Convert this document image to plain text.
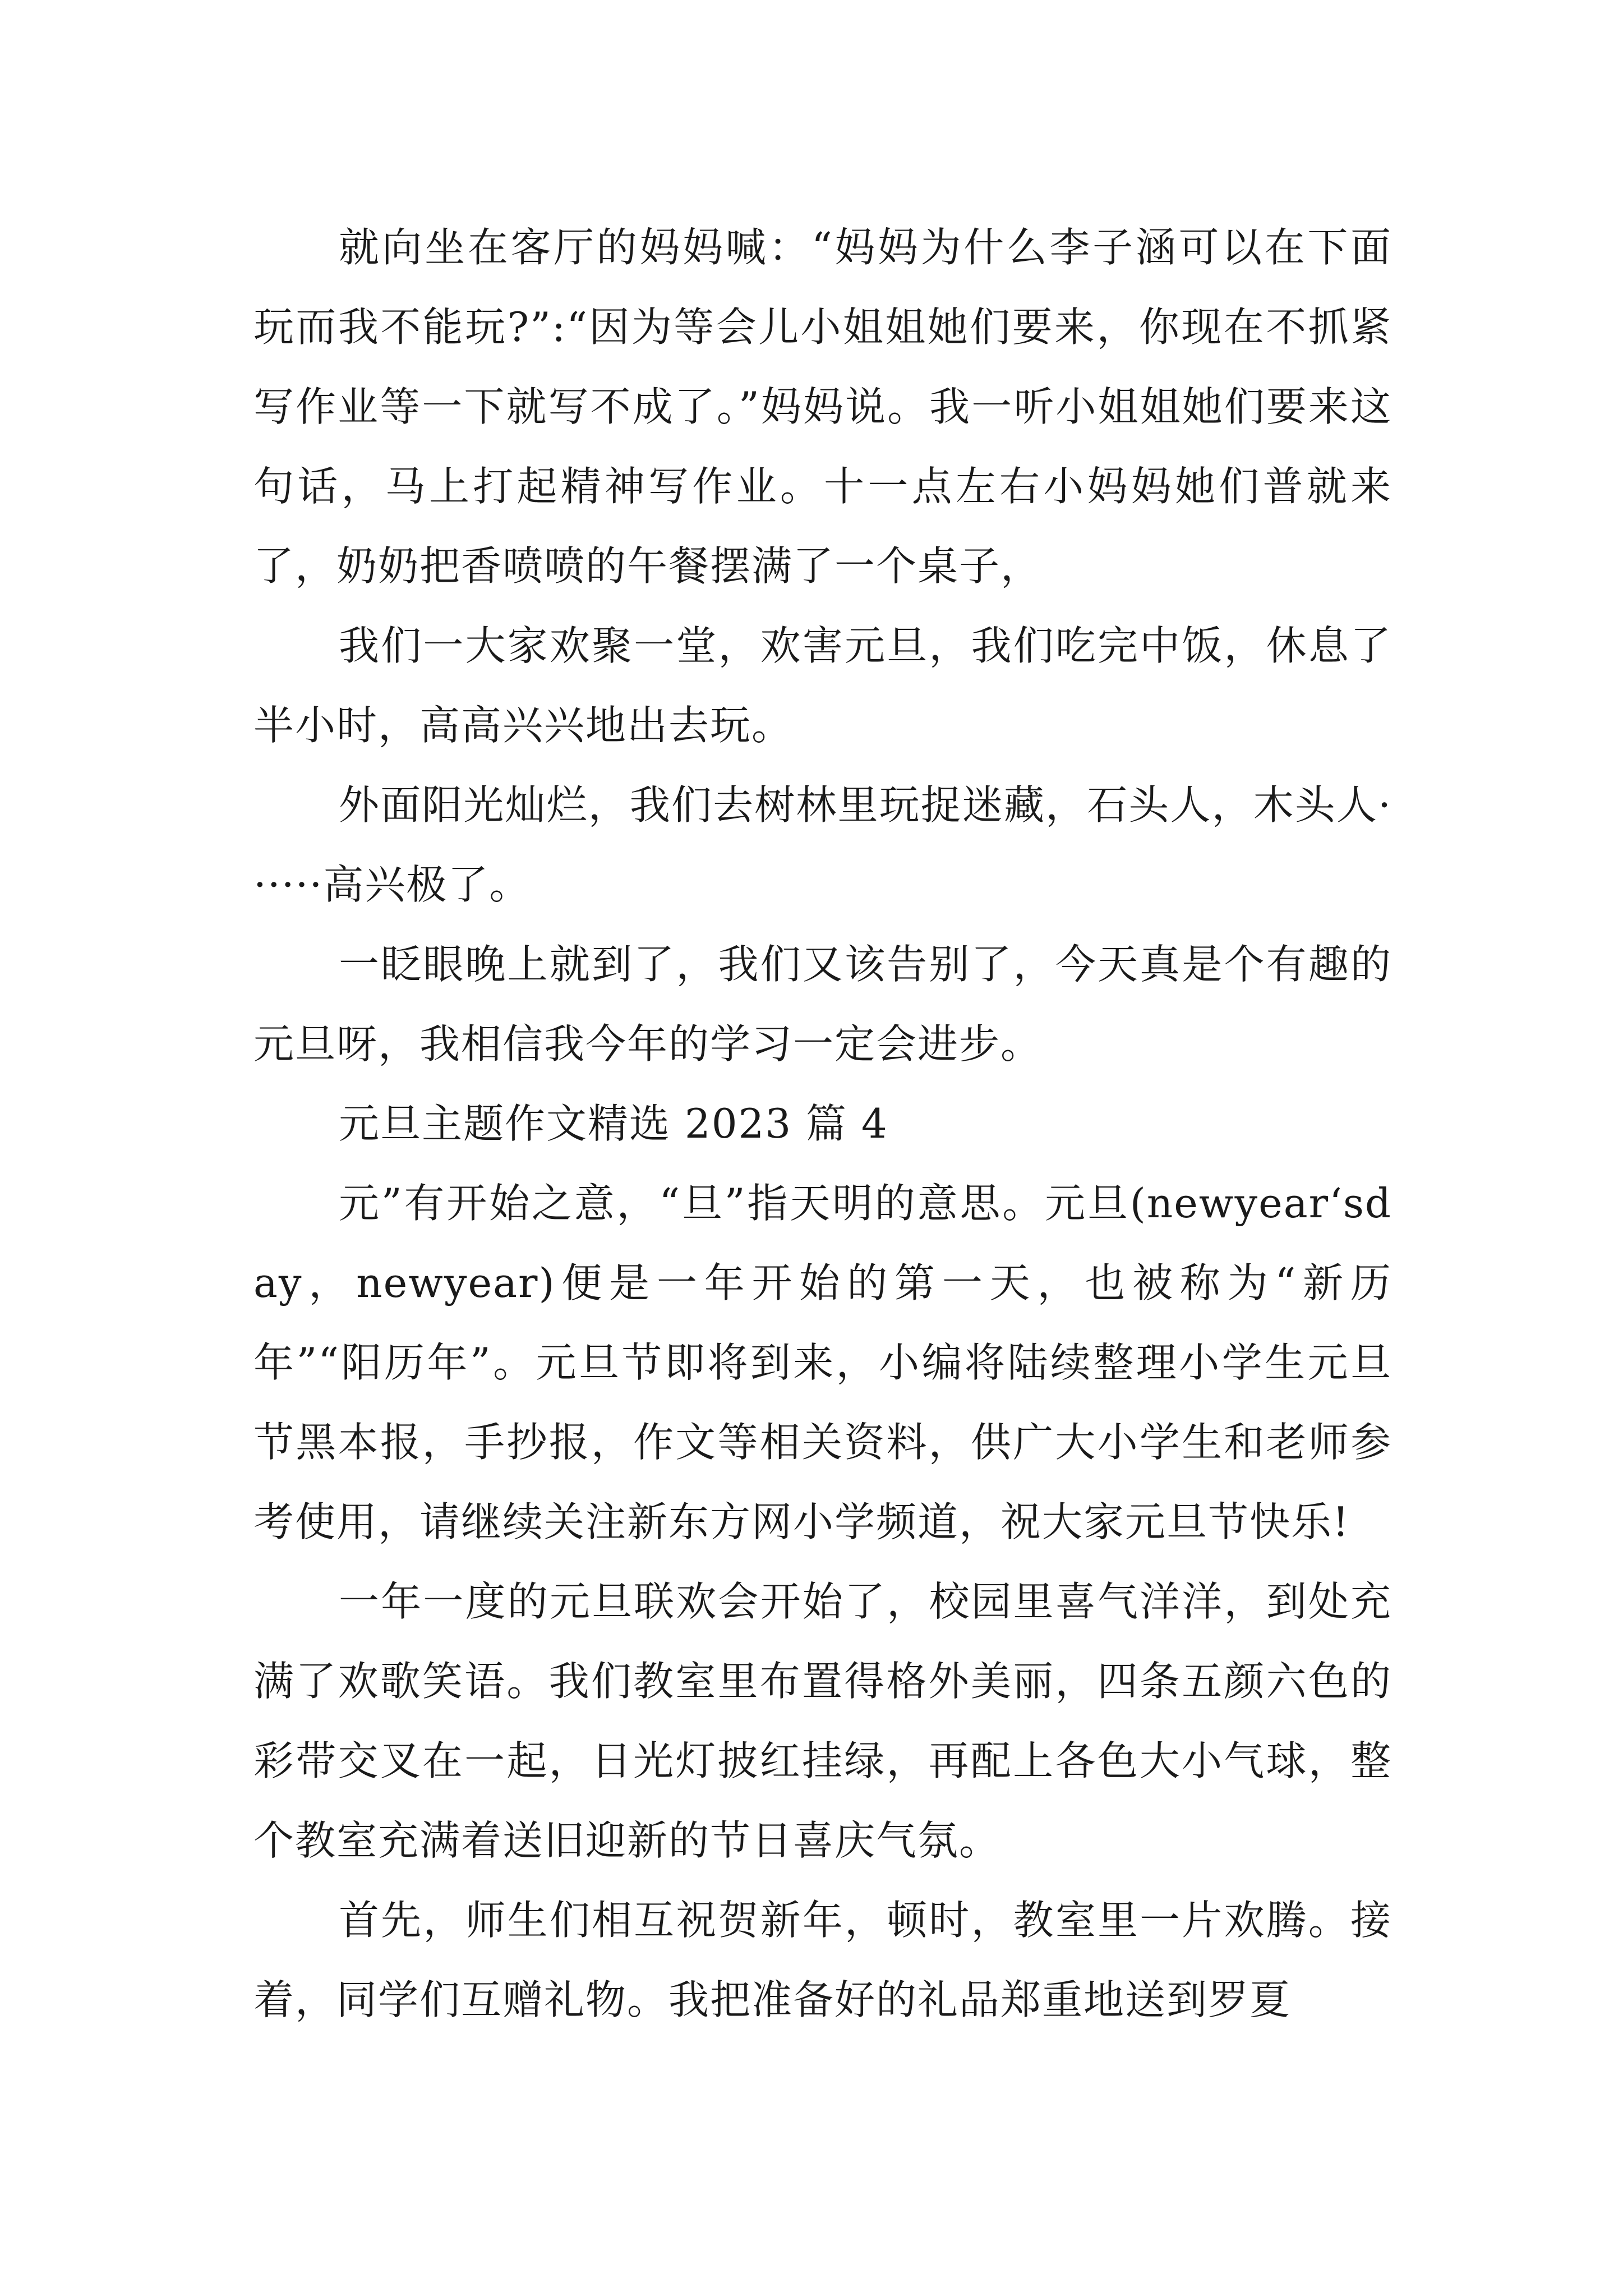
就向坐在客厅的妈妈喊：“妈妈为什么李子涵可以在下面玩而我不能玩?”:“因为等会儿小姐姐她们要来，你现在不抓紧写作业等一下就写不成了。”妈妈说。我一听小姐姐她们要来这句话，马上打起精神写作业。十一点左右小妈妈她们普就来了，奶奶把香喷喷的午餐摆满了一个桌子，

我们一大家欢聚一堂，欢害元旦，我们吃完中饭，休息了半小时，高高兴兴地出去玩。

外面阳光灿烂，我们去树林里玩捉迷藏，石头人，木头人······高兴极了。

一眨眼晚上就到了，我们又该告别了，今天真是个有趣的元旦呀，我相信我今年的学习一定会进步。

元旦主题作文精选 2023 篇 4

元”有开始之意，“旦”指天明的意思。元旦(newyear‘sday，newyear)便是一年开始的第一天，也被称为“新历年”“阳历年”。元旦节即将到来，小编将陆续整理小学生元旦节黑本报，手抄报，作文等相关资料，供广大小学生和老师参考使用，请继续关注新东方网小学频道，祝大家元旦节快乐!

一年一度的元旦联欢会开始了，校园里喜气洋洋，到处充满了欢歌笑语。我们教室里布置得格外美丽，四条五颜六色的彩带交叉在一起，日光灯披红挂绿，再配上各色大小气球，整个教室充满着送旧迎新的节日喜庆气氛。

首先，师生们相互祝贺新年，顿时，教室里一片欢腾。接着，同学们互赠礼物。我把准备好的礼品郑重地送到罗夏
